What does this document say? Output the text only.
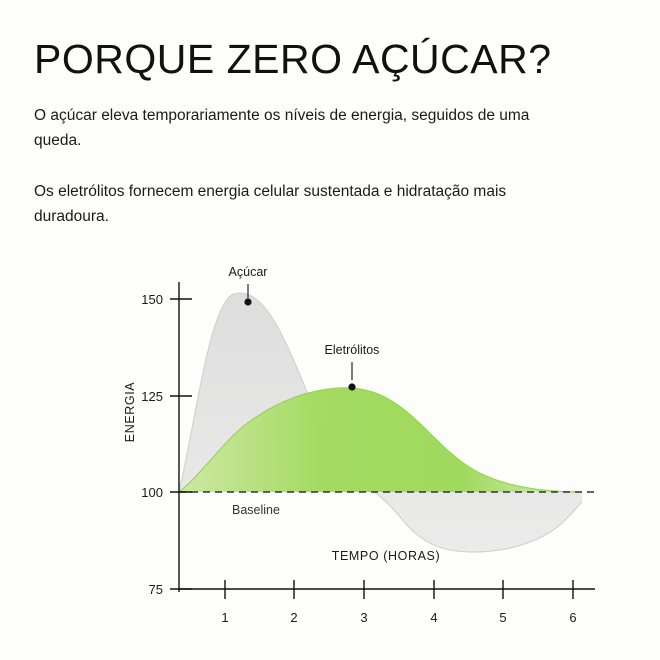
PORQUE ZERO AÇÚCAR?

O açúcar eleva temporariamente os níveis de energia, seguidos de uma queda.

Os eletrólitos fornecem energia celular sustentada e hidratação mais duradoura.

150
125
100
75
1	2	3	4	5	6
ENERGIA
TEMPO (HORAS)
Açúcar
Eletrólitos
Baseline
